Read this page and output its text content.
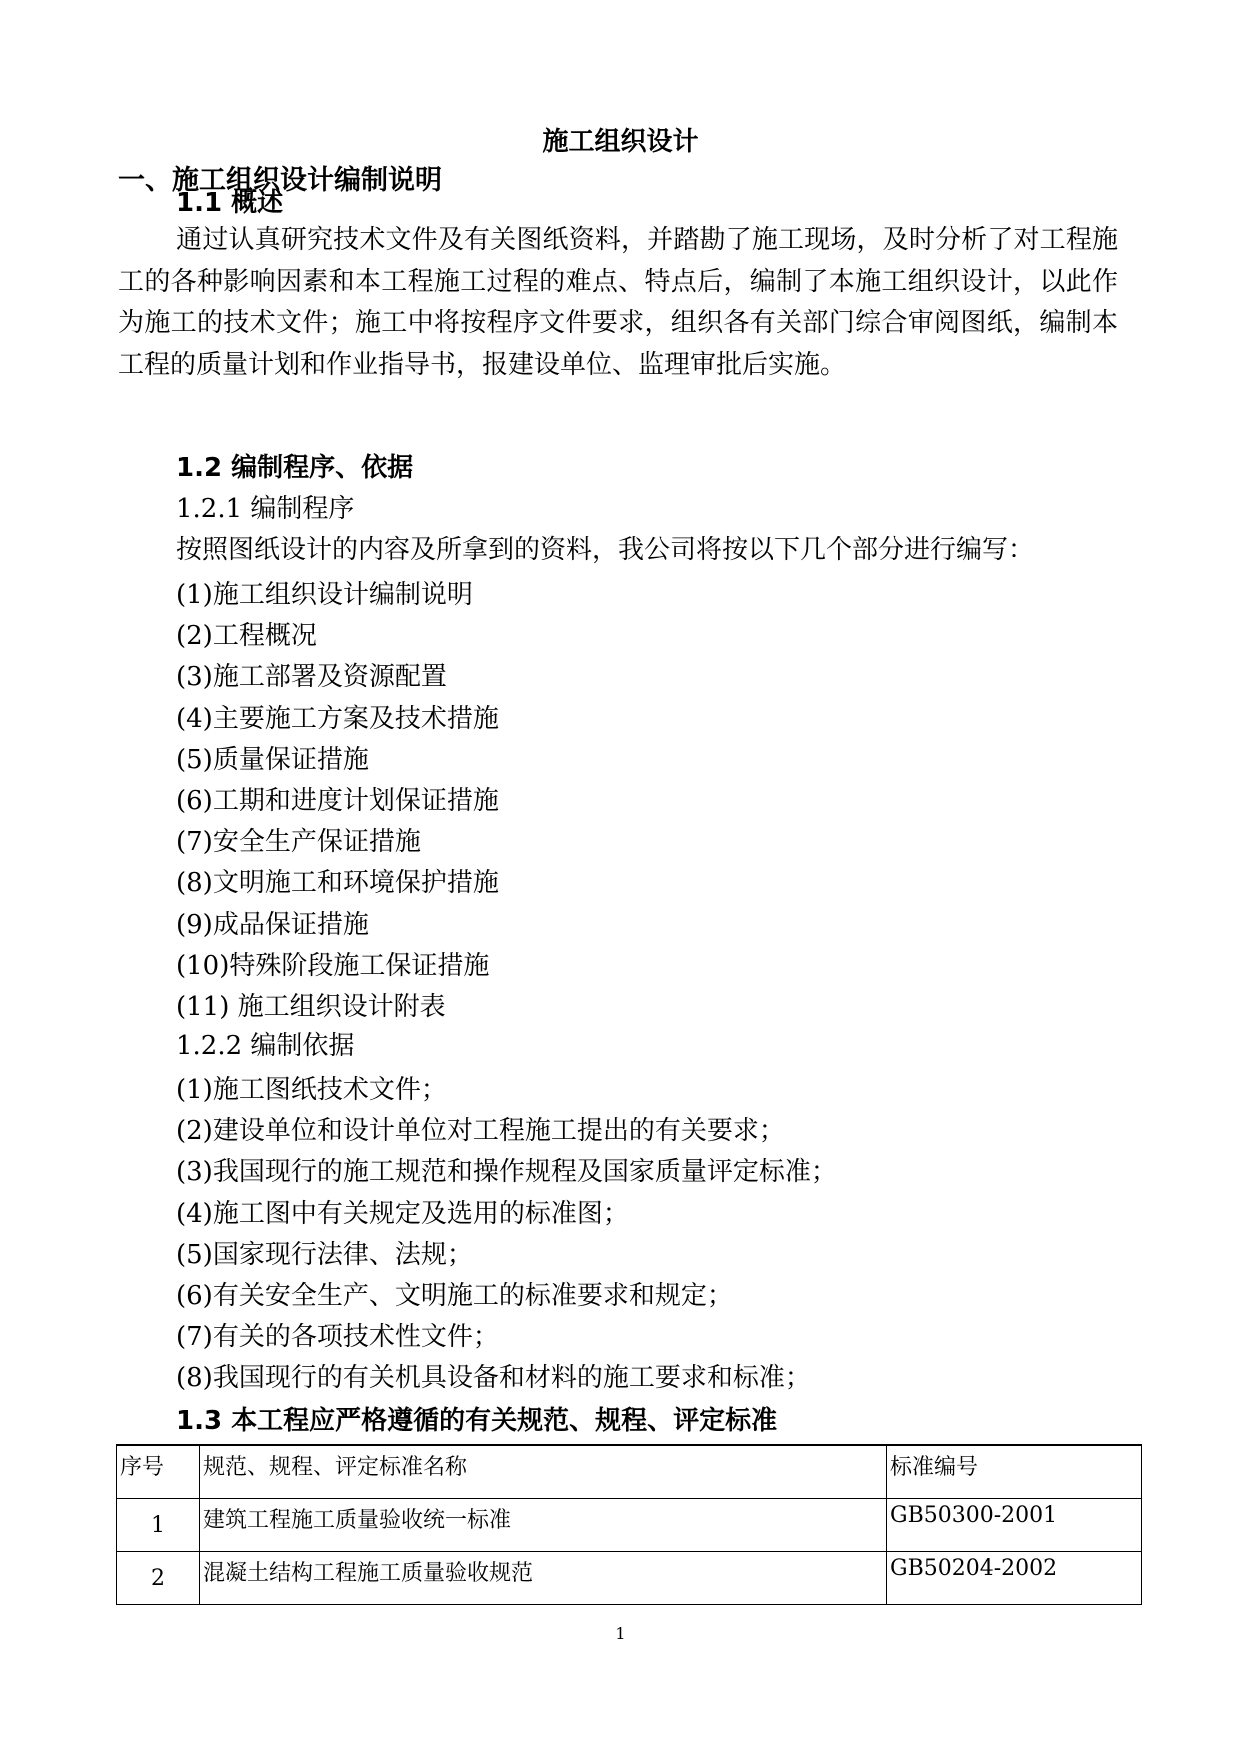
施工组织设计
一、施工组织设计编制说明
1.1 概述
通过认真研究技术文件及有关图纸资料，并踏勘了施工现场，及时分析了对工程施工的各种影响因素和本工程施工过程的难点、特点后，编制了本施工组织设计，以此作为施工的技术文件；施工中将按程序文件要求，组织各有关部门综合审阅图纸，编制本工程的质量计划和作业指导书，报建设单位、监理审批后实施。
1.2 编制程序、依据
1.2.1 编制程序
按照图纸设计的内容及所拿到的资料，我公司将按以下几个部分进行编写：
(1)施工组织设计编制说明
(2)工程概况
(3)施工部署及资源配置
(4)主要施工方案及技术措施
(5)质量保证措施
(6)工期和进度计划保证措施
(7)安全生产保证措施
(8)文明施工和环境保护措施
(9)成品保证措施
(10)特殊阶段施工保证措施
(11) 施工组织设计附表
1.2.2 编制依据
(1)施工图纸技术文件；
(2)建设单位和设计单位对工程施工提出的有关要求；
(3)我国现行的施工规范和操作规程及国家质量评定标准；
(4)施工图中有关规定及选用的标准图；
(5)国家现行法律、法规；
(6)有关安全生产、文明施工的标准要求和规定；
(7)有关的各项技术性文件；
(8)我国现行的有关机具设备和材料的施工要求和标准；
1.3 本工程应严格遵循的有关规范、规程、评定标准
序号	规范、规程、评定标准名称	标准编号
1	建筑工程施工质量验收统一标准	GB50300-2001
2	混凝土结构工程施工质量验收规范	GB50204-2002
1
